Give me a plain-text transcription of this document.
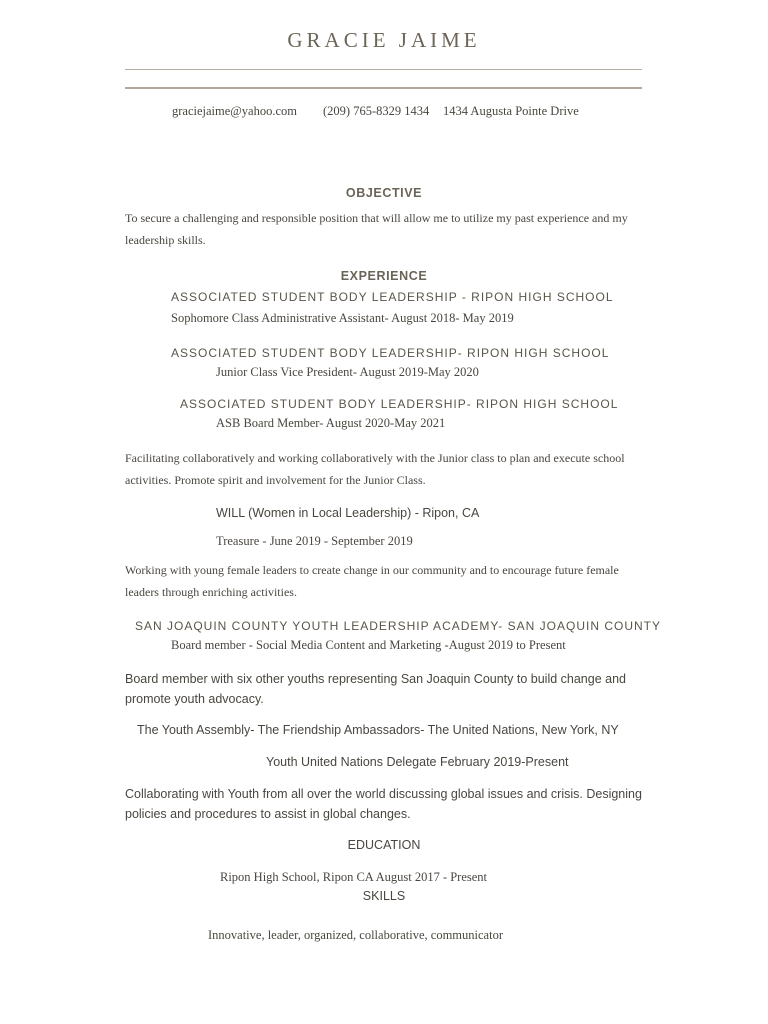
GRACIE JAIME
graciejaime@yahoo.com (209) 765-8329 1434 1434 Augusta Pointe Drive
OBJECTIVE
To secure a challenging and responsible position that will allow me to utilize my past experience and my leadership skills.
EXPERIENCE
ASSOCIATED STUDENT BODY LEADERSHIP - RIPON HIGH SCHOOL
Sophomore Class Administrative Assistant- August 2018- May 2019
ASSOCIATED STUDENT BODY LEADERSHIP- RIPON HIGH SCHOOL
Junior Class Vice President- August 2019-May 2020
ASSOCIATED STUDENT BODY LEADERSHIP- RIPON HIGH SCHOOL
ASB Board Member- August 2020-May 2021
Facilitating collaboratively and working collaboratively with the Junior class to plan and execute school activities. Promote spirit and involvement for the Junior Class.
WILL (Women in Local Leadership) - Ripon, CA
Treasure - June 2019 - September 2019
Working with young female leaders to create change in our community and to encourage future female leaders through enriching activities.
SAN JOAQUIN COUNTY YOUTH LEADERSHIP ACADEMY- SAN JOAQUIN COUNTY
Board member - Social Media Content and Marketing -August 2019 to Present
Board member with six other youths representing San Joaquin County to build change and promote youth advocacy.
The Youth Assembly- The Friendship Ambassadors- The United Nations, New York, NY
Youth United Nations Delegate February 2019-Present
Collaborating with Youth from all over the world discussing global issues and crisis. Designing policies and procedures to assist in global changes.
EDUCATION
Ripon High School, Ripon CA August 2017 - Present
SKILLS
Innovative, leader, organized, collaborative, communicator
